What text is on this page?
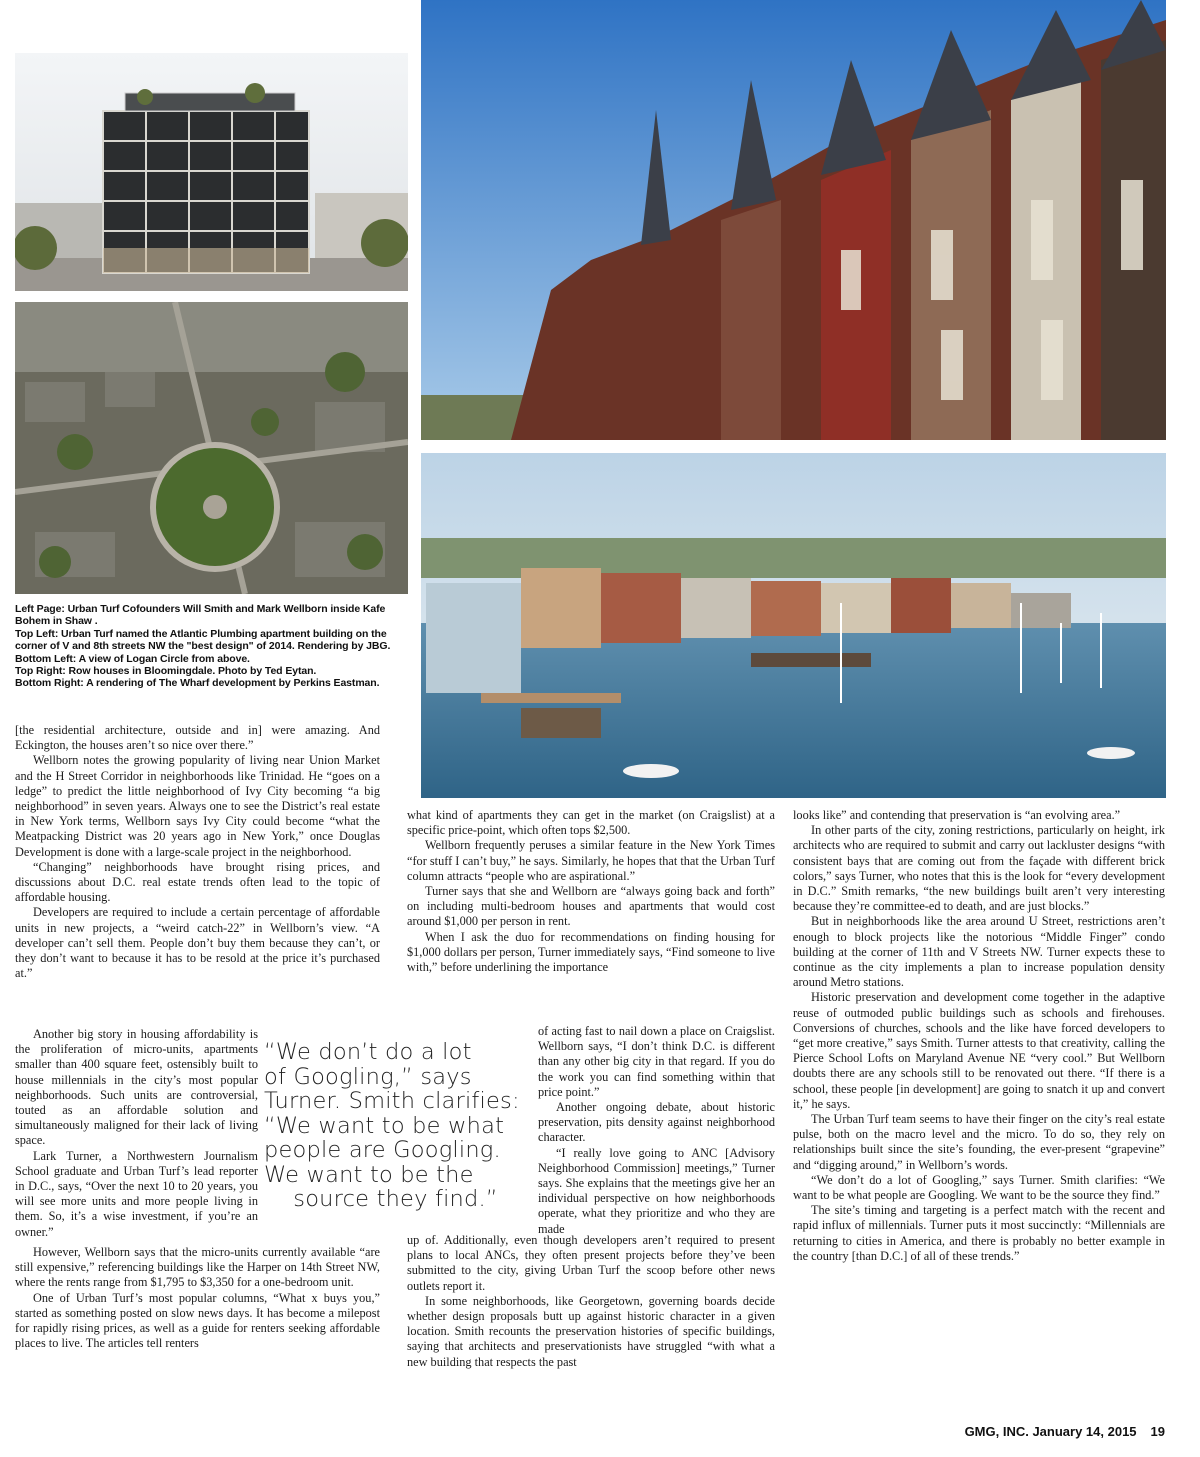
Left Page: Urban Turf Cofounders Will Smith and Mark Wellborn inside Kafe Bohem in Shaw .

Top Left: Urban Turf named the Atlantic Plumbing apartment building on the corner of V and 8th streets NW the "best design" of 2014. Rendering by JBG.

Bottom Left: A view of Logan Circle from above.

Top Right: Row houses in Bloomingdale. Photo by Ted Eytan.

Bottom Right: A rendering of The Wharf development by Perkins Eastman.

[the residential architecture, outside and in] were amazing. And Eckington, the houses aren’t so nice over there.”

Wellborn notes the growing popularity of living near Union Market and the H Street Corridor in neighborhoods like Trinidad. He “goes on a ledge” to predict the little neighborhood of Ivy City becoming “a big neighborhood” in seven years. Always one to see the District’s real estate in New York terms, Wellborn says Ivy City could become “what the Meatpacking District was 20 years ago in New York,” once Douglas Development is done with a large-scale project in the neighborhood.

“Changing” neighborhoods have brought rising prices, and discussions about D.C. real estate trends often lead to the topic of affordable housing.

Developers are required to include a certain percentage of affordable units in new projects, a “weird catch-22” in Wellborn’s view. “A developer can’t sell them. People don’t buy them because they can’t, or they don’t want to because it has to be resold at the price it’s purchased at.”

Another big story in housing affordability is the proliferation of micro-units, apartments smaller than 400 square feet, ostensibly built to house millennials in the city’s most popular neighborhoods. Such units are controversial, touted as an affordable solution and simultaneously maligned for their lack of living space.

Lark Turner, a Northwestern Journalism School graduate and Urban Turf’s lead reporter in D.C., says, “Over the next 10 to 20 years, you will see more units and more people living in them. So, it’s a wise investment, if you’re an owner.”

However, Wellborn says that the micro-units currently available “are still expensive,” referencing buildings like the Harper on 14th Street NW, where the rents range from $1,795 to $3,350 for a one-bedroom unit.

One of Urban Turf’s most popular columns, “What x buys you,” started as something posted on slow news days. It has become a milepost for rapidly rising prices, as well as a guide for renters seeking affordable places to live. The articles tell renters

what kind of apartments they can get in the market (on Craigslist) at a specific price-point, which often tops $2,500.

Wellborn frequently peruses a similar feature in the New York Times “for stuff I can’t buy,” he says. Similarly, he hopes that that the Urban Turf column attracts “people who are aspirational.”

Turner says that she and Wellborn are “always going back and forth” on including multi-bedroom houses and apartments that would cost around $1,000 per person in rent.

When I ask the duo for recommendations on finding housing for $1,000 dollars per person, Turner immediately says, “Find someone to live with,” before underlining the importance

of acting fast to nail down a place on Craigslist. Wellborn says, “I don’t think D.C. is different than any other big city in that regard. If you do the work you can find something within that price point.”

Another ongoing debate, about historic preservation, pits density against neighborhood character.

“I really love going to ANC [Advisory Neighborhood Commission] meetings,” Turner says. She explains that the meetings give her an individual perspective on how neighborhoods operate, what they prioritize and who they are made

up of. Additionally, even though developers aren’t required to present plans to local ANCs, they often present projects before they’ve been submitted to the city, giving Urban Turf the scoop before other news outlets report it.

In some neighborhoods, like Georgetown, governing boards decide whether design proposals butt up against historic character in a given location. Smith recounts the preservation histories of specific buildings, saying that architects and preservationists have struggled “with what a new building that respects the past

looks like” and contending that preservation is “an evolving area.”

In other parts of the city, zoning restrictions, particularly on height, irk architects who are required to submit and carry out lackluster designs “with consistent bays that are coming out from the façade with different brick colors,” says Turner, who notes that this is the look for “every development in D.C.” Smith remarks, “the new buildings built aren’t very interesting because they’re committee-ed to death, and are just blocks.”

But in neighborhoods like the area around U Street, restrictions aren’t enough to block projects like the notorious “Middle Finger” condo building at the corner of 11th and V Streets NW. Turner expects these to continue as the city implements a plan to increase population density around Metro stations.

Historic preservation and development come together in the adaptive reuse of outmoded public buildings such as schools and firehouses. Conversions of churches, schools and the like have forced developers to “get more creative,” says Smith. Turner attests to that creativity, calling the Pierce School Lofts on Maryland Avenue NE “very cool.” But Wellborn doubts there are any schools still to be renovated out there. “If there is a school, these people [in development] are going to snatch it up and convert it,” he says.

The Urban Turf team seems to have their finger on the city’s real estate pulse, both on the macro level and the micro. To do so, they rely on relationships built since the site’s founding, the ever-present “grapevine” and “digging around,” in Wellborn’s words.

“We don’t do a lot of Googling,” says Turner. Smith clarifies: “We want to be what people are Googling. We want to be the source they find.”

The site’s timing and targeting is a perfect match with the recent and rapid influx of millennials. Turner puts it most succinctly: “Millennials are returning to cities in America, and there is probably no better example in the country [than D.C.] of all of these trends.”

“We don’t do a lot
of Googling,” says
Turner. Smith clarifies:
“We want to be what
people are Googling.
We want to be the
source they find.”
GMG, INC. January 14, 2015 19
